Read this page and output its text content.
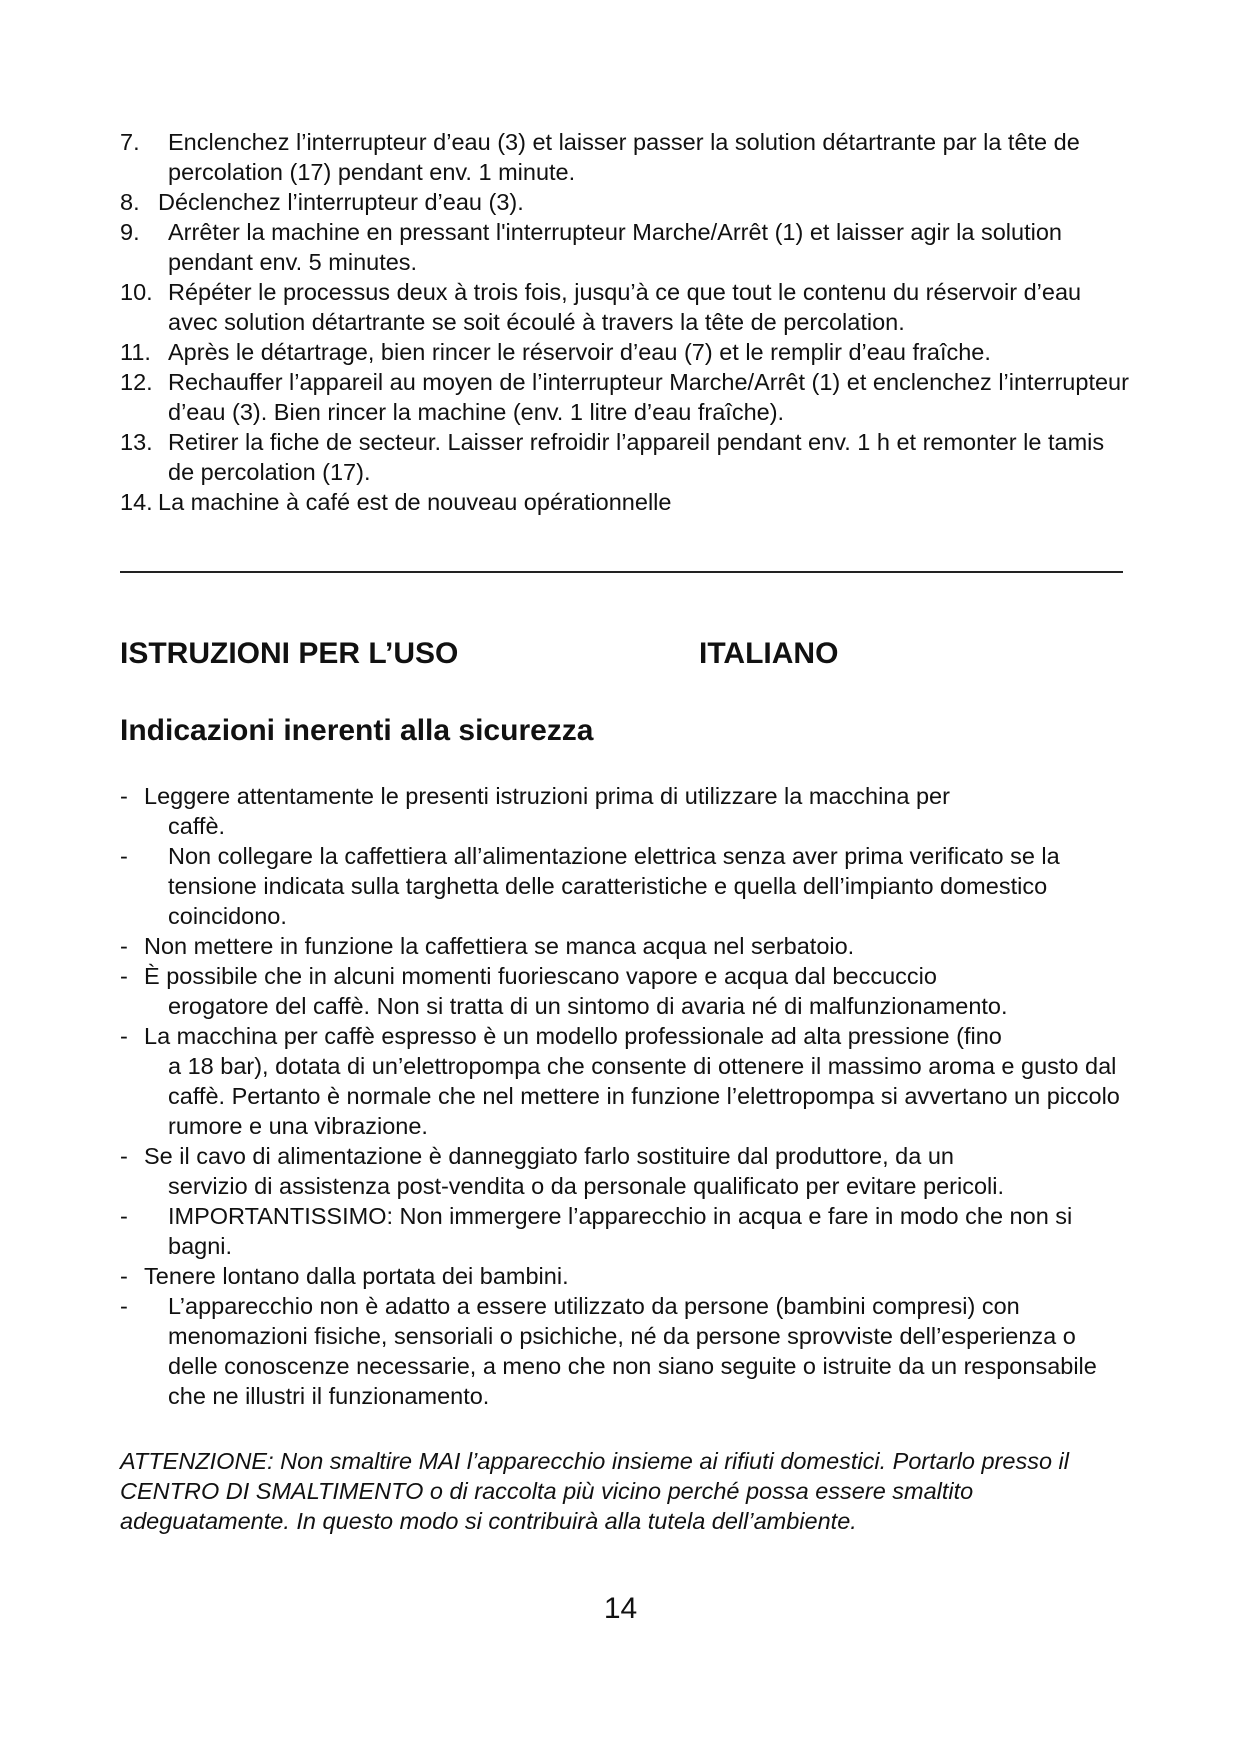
7.	Enclenchez l’interrupteur d’eau (3) et laisser passer la solution détartrante par la tête de percolation (17) pendant env. 1 minute.
8. Déclenchez l’interrupteur d’eau (3).
9.	Arrêter la machine en pressant l'interrupteur Marche/Arrêt (1) et laisser agir la solution pendant env. 5 minutes.
10. Répéter le processus deux à trois fois, jusqu’à ce que tout le contenu du réservoir d’eau avec solution détartrante se soit écoulé à travers la tête de percolation.
11. Après le détartrage, bien rincer le réservoir d’eau (7) et le remplir d’eau fraîche.
12. Rechauffer l’appareil au moyen de l’interrupteur Marche/Arrêt (1) et enclenchez l’interrupteur d’eau (3). Bien rincer la machine (env. 1 litre d’eau fraîche).
13. Retirer la fiche de secteur. Laisser refroidir l’appareil pendant env. 1 h et remonter le tamis de percolation (17).
14. La machine à café est de nouveau opérationnelle
ISTRUZIONI PER L’USO	ITALIANO
Indicazioni inerenti alla sicurezza
- Leggere attentamente le presenti istruzioni prima di utilizzare la macchina per
caffè.
- Non collegare la caffettiera all’alimentazione elettrica senza aver prima verificato se la tensione indicata sulla targhetta delle caratteristiche e quella dell’impianto domestico coincidono.
- Non mettere in funzione la caffettiera se manca acqua nel serbatoio.
- È possibile che in alcuni momenti fuoriescano vapore e acqua dal beccuccio
erogatore del caffè. Non si tratta di un sintomo di avaria né di malfunzionamento.
- La macchina per caffè espresso è un modello professionale ad alta pressione (fino
a 18 bar), dotata di un’elettropompa che consente di ottenere il massimo aroma e gusto dal caffè. Pertanto è normale che nel mettere in funzione l’elettropompa si avvertano un piccolo rumore e una vibrazione.
- Se il cavo di alimentazione è danneggiato farlo sostituire dal produttore, da un
servizio di assistenza post-vendita o da personale qualificato per evitare pericoli.
- IMPORTANTISSIMO: Non immergere l’apparecchio in acqua e fare in modo che non si bagni.
- Tenere lontano dalla portata dei bambini.
- L’apparecchio non è adatto a essere utilizzato da persone (bambini compresi) con menomazioni fisiche, sensoriali o psichiche, né da persone sprovviste dell’esperienza o delle conoscenze necessarie, a meno che non siano seguite o istruite da un responsabile che ne illustri il funzionamento.
ATTENZIONE: Non smaltire MAI l’apparecchio insieme ai rifiuti domestici. Portarlo presso il CENTRO DI SMALTIMENTO o di raccolta più vicino perché possa essere smaltito adeguatamente. In questo modo si contribuirà alla tutela dell’ambiente.
14
